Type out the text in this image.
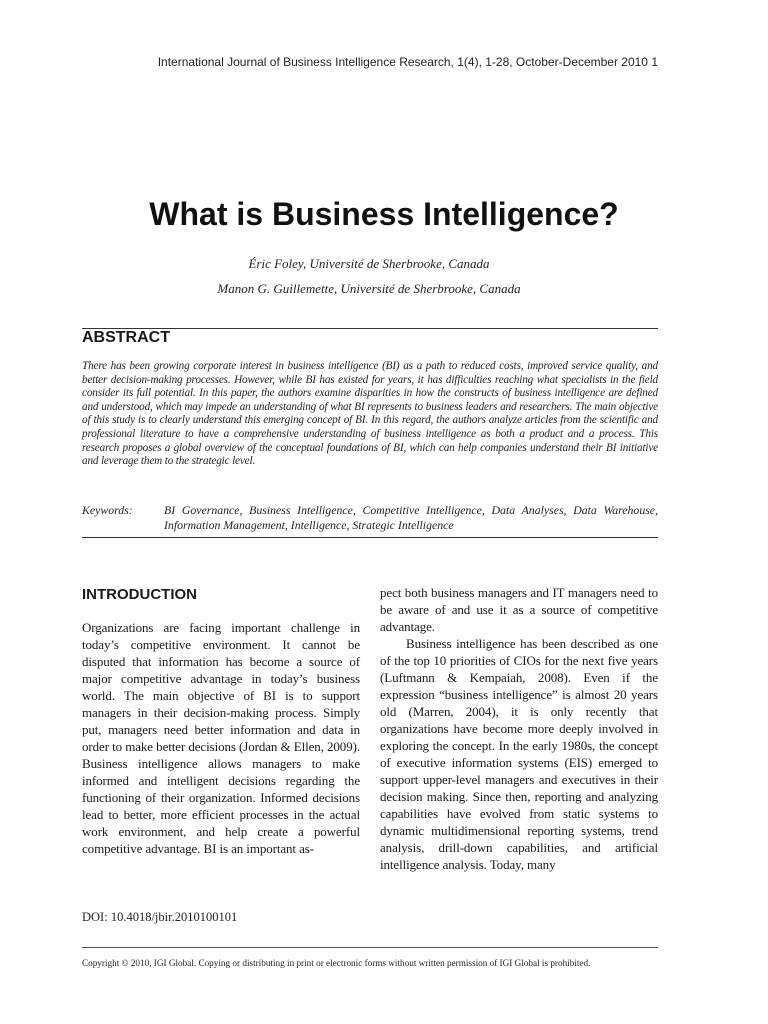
International Journal of Business Intelligence Research, 1(4), 1-28, October-December 2010 1
What is Business Intelligence?
Éric Foley, Université de Sherbrooke, Canada
Manon G. Guillemette, Université de Sherbrooke, Canada
ABSTRACT

There has been growing corporate interest in business intelligence (BI) as a path to reduced costs, improved service quality, and better decision-making processes. However, while BI has existed for years, it has difficulties reaching what specialists in the field consider its full potential. In this paper, the authors examine disparities in how the constructs of business intelligence are defined and understood, which may impede an understanding of what BI represents to business leaders and researchers. The main objective of this study is to clearly understand this emerging concept of BI. In this regard, the authors analyze articles from the scientific and professional literature to have a comprehensive understanding of business intelligence as both a product and a process. This research proposes a global overview of the conceptual foundations of BI, which can help companies understand their BI initiative and leverage them to the strategic level.

Keywords:	BI Governance, Business Intelligence, Competitive Intelligence, Data Analyses, Data Warehouse, Information Management, Intelligence, Strategic Intelligence
INTRODUCTION

Organizations are facing important challenge in today’s competitive environment. It cannot be disputed that information has become a source of major competitive advantage in today’s business world. The main objective of BI is to support managers in their decision-making process. Simply put, managers need better information and data in order to make better decisions (Jordan & Ellen, 2009). Business intelligence allows managers to make informed and intelligent decisions regarding the functioning of their organization. Informed decisions lead to better, more efficient processes in the actual work environment, and help create a powerful competitive advantage. BI is an important as-

pect both business managers and IT managers need to be aware of and use it as a source of competitive advantage.

Business intelligence has been described as one of the top 10 priorities of CIOs for the next five years (Luftmann & Kempaiah, 2008). Even if the expression “business intelligence” is almost 20 years old (Marren, 2004), it is only recently that organizations have become more deeply involved in exploring the concept. In the early 1980s, the concept of executive information systems (EIS) emerged to support upper-level managers and executives in their decision making. Since then, reporting and analyzing capabilities have evolved from static systems to dynamic multidimensional reporting systems, trend analysis, drill-down capabilities, and artificial intelligence analysis. Today, many

DOI: 10.4018/jbir.2010100101
Copyright © 2010, IGI Global. Copying or distributing in print or electronic forms without written permission of IGI Global is prohibited.
